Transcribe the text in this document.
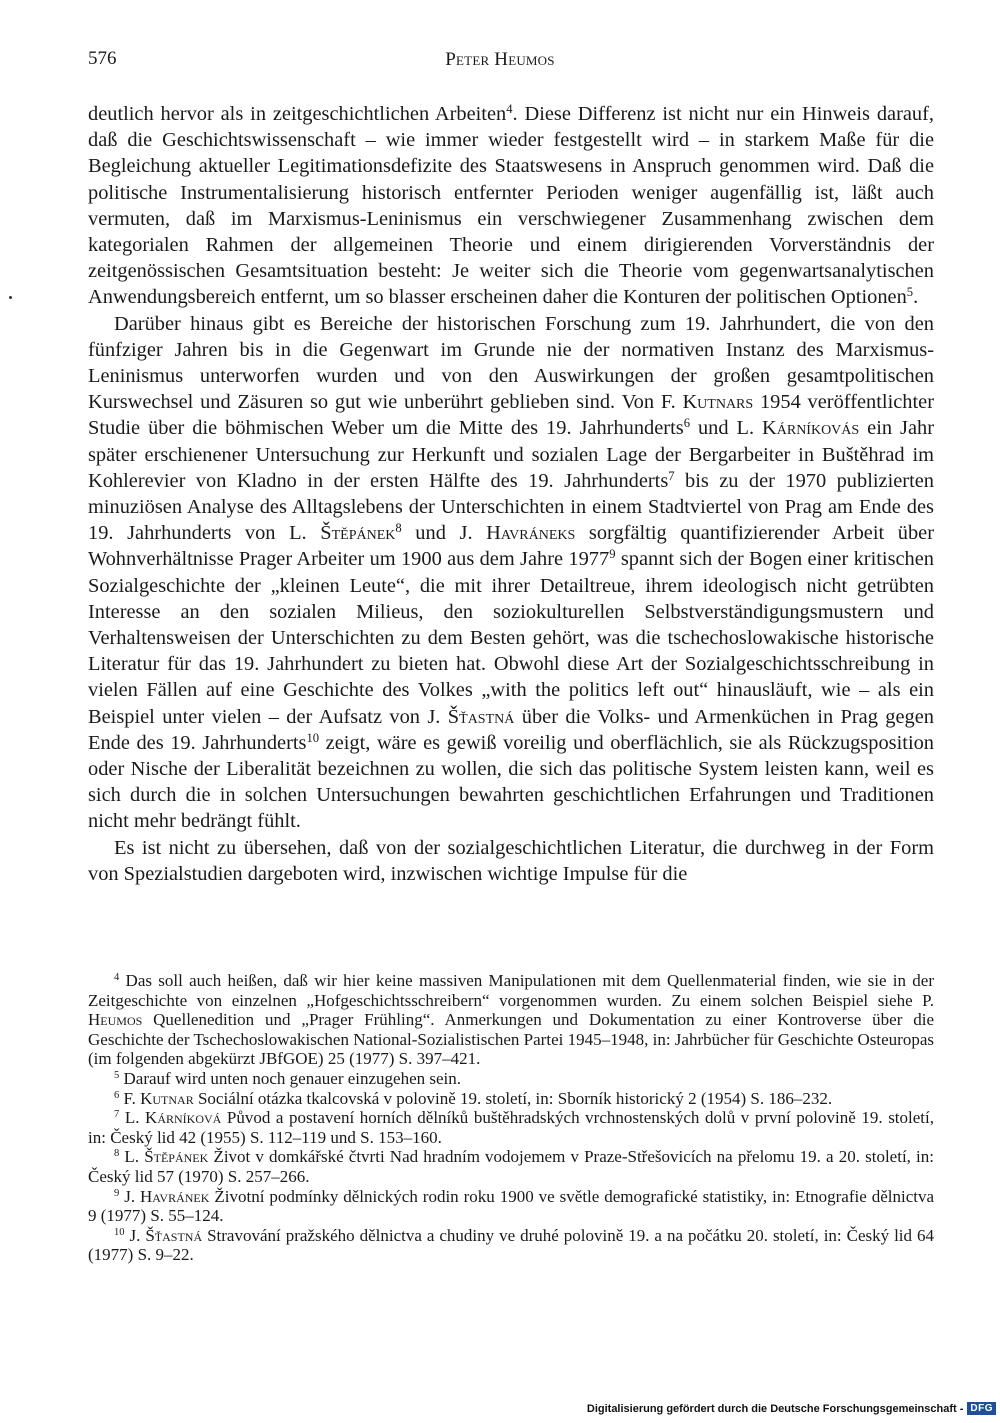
576	Peter Heumos

deutlich hervor als in zeitgeschichtlichen Arbeiten$^4$. Diese Differenz ist nicht nur ein Hinweis darauf, daß die Geschichtswissenschaft – wie immer wieder festgestellt wird – in starkem Maße für die Begleichung aktueller Legitimationsdefizite des Staatswesens in Anspruch genommen wird. Daß die politische Instrumentalisierung historisch entfernter Perioden weniger augenfällig ist, läßt auch vermuten, daß im Marxismus-Leninismus ein verschwiegener Zusammenhang zwischen dem kategorialen Rahmen der allgemeinen Theorie und einem dirigierenden Vorverständnis der zeitgenössischen Gesamtsituation besteht: Je weiter sich die Theorie vom gegenwartsanalytischen Anwendungsbereich entfernt, um so blasser erscheinen daher die Konturen der politischen Optionen$^5$.

Darüber hinaus gibt es Bereiche der historischen Forschung zum 19. Jahrhundert, die von den fünfziger Jahren bis in die Gegenwart im Grunde nie der normativen Instanz des Marxismus-Leninismus unterworfen wurden und von den Auswirkungen der großen gesamtpolitischen Kurswechsel und Zäsuren so gut wie unberührt geblieben sind. Von F. Kutnars 1954 veröffentlichter Studie über die böhmischen Weber um die Mitte des 19. Jahrhunderts$^6$ und L. Kárníkovás ein Jahr später erschienener Untersuchung zur Herkunft und sozialen Lage der Bergarbeiter in Buštěhrad im Kohlerevier von Kladno in der ersten Hälfte des 19. Jahrhunderts$^7$ bis zu der 1970 publizierten minuziösen Analyse des Alltagslebens der Unterschichten in einem Stadtviertel von Prag am Ende des 19. Jahrhunderts von L. Štěpánek$^8$ und J. Havráneks sorgfältig quantifizierender Arbeit über Wohnverhältnisse Prager Arbeiter um 1900 aus dem Jahre 1977$^9$ spannt sich der Bogen einer kritischen Sozialgeschichte der „kleinen Leute“, die mit ihrer Detailtreue, ihrem ideologisch nicht getrübten Interesse an den sozialen Milieus, den soziokulturellen Selbstverständigungsmustern und Verhaltensweisen der Unterschichten zu dem Besten gehört, was die tschechoslowakische historische Literatur für das 19. Jahrhundert zu bieten hat. Obwohl diese Art der Sozialgeschichtsschreibung in vielen Fällen auf eine Geschichte des Volkes „with the politics left out“ hinausläuft, wie – als ein Beispiel unter vielen – der Aufsatz von J. Šťastná über die Volks- und Armenküchen in Prag gegen Ende des 19. Jahrhunderts$^{10}$ zeigt, wäre es gewiß voreilig und oberflächlich, sie als Rückzugsposition oder Nische der Liberalität bezeichnen zu wollen, die sich das politische System leisten kann, weil es sich durch die in solchen Untersuchungen bewahrten geschichtlichen Erfahrungen und Traditionen nicht mehr bedrängt fühlt.

Es ist nicht zu übersehen, daß von der sozialgeschichtlichen Literatur, die durchweg in der Form von Spezialstudien dargeboten wird, inzwischen wichtige Impulse für die

$^4$ Das soll auch heißen, daß wir hier keine massiven Manipulationen mit dem Quellenmaterial finden, wie sie in der Zeitgeschichte von einzelnen „Hofgeschichtsschreibern“ vorgenommen wurden. Zu einem solchen Beispiel siehe P. Heumos Quellenedition und „Prager Frühling“. Anmerkungen und Dokumentation zu einer Kontroverse über die Geschichte der Tschechoslowakischen National-Sozialistischen Partei 1945–1948, in: Jahrbücher für Geschichte Osteuropas (im folgenden abgekürzt JBfGOE) 25 (1977) S. 397–421.

$^5$ Darauf wird unten noch genauer einzugehen sein.

$^6$ F. Kutnar Sociální otázka tkalcovská v polovině 19. století, in: Sborník historický 2 (1954) S. 186–232.

$^7$ L. Kárníková Původ a postavení horních dělníků buštěhradských vrchnostenských dolů v první polovině 19. století, in: Český lid 42 (1955) S. 112–119 und S. 153–160.

$^8$ L. Štěpánek Život v domkářské čtvrti Nad hradním vodojemem v Praze-Střešovicích na přelomu 19. a 20. století, in: Český lid 57 (1970) S. 257–266.

$^9$ J. Havránek Životní podmínky dělnických rodin roku 1900 ve světle demografické statistiky, in: Etnografie dělnictva 9 (1977) S. 55–124.

$^{10}$ J. Šťastná Stravování pražského dělnictva a chudiny ve druhé polovině 19. a na počátku 20. století, in: Český lid 64 (1977) S. 9–22.

Digitalisierung gefördert durch die Deutsche Forschungsgemeinschaft - DFG
